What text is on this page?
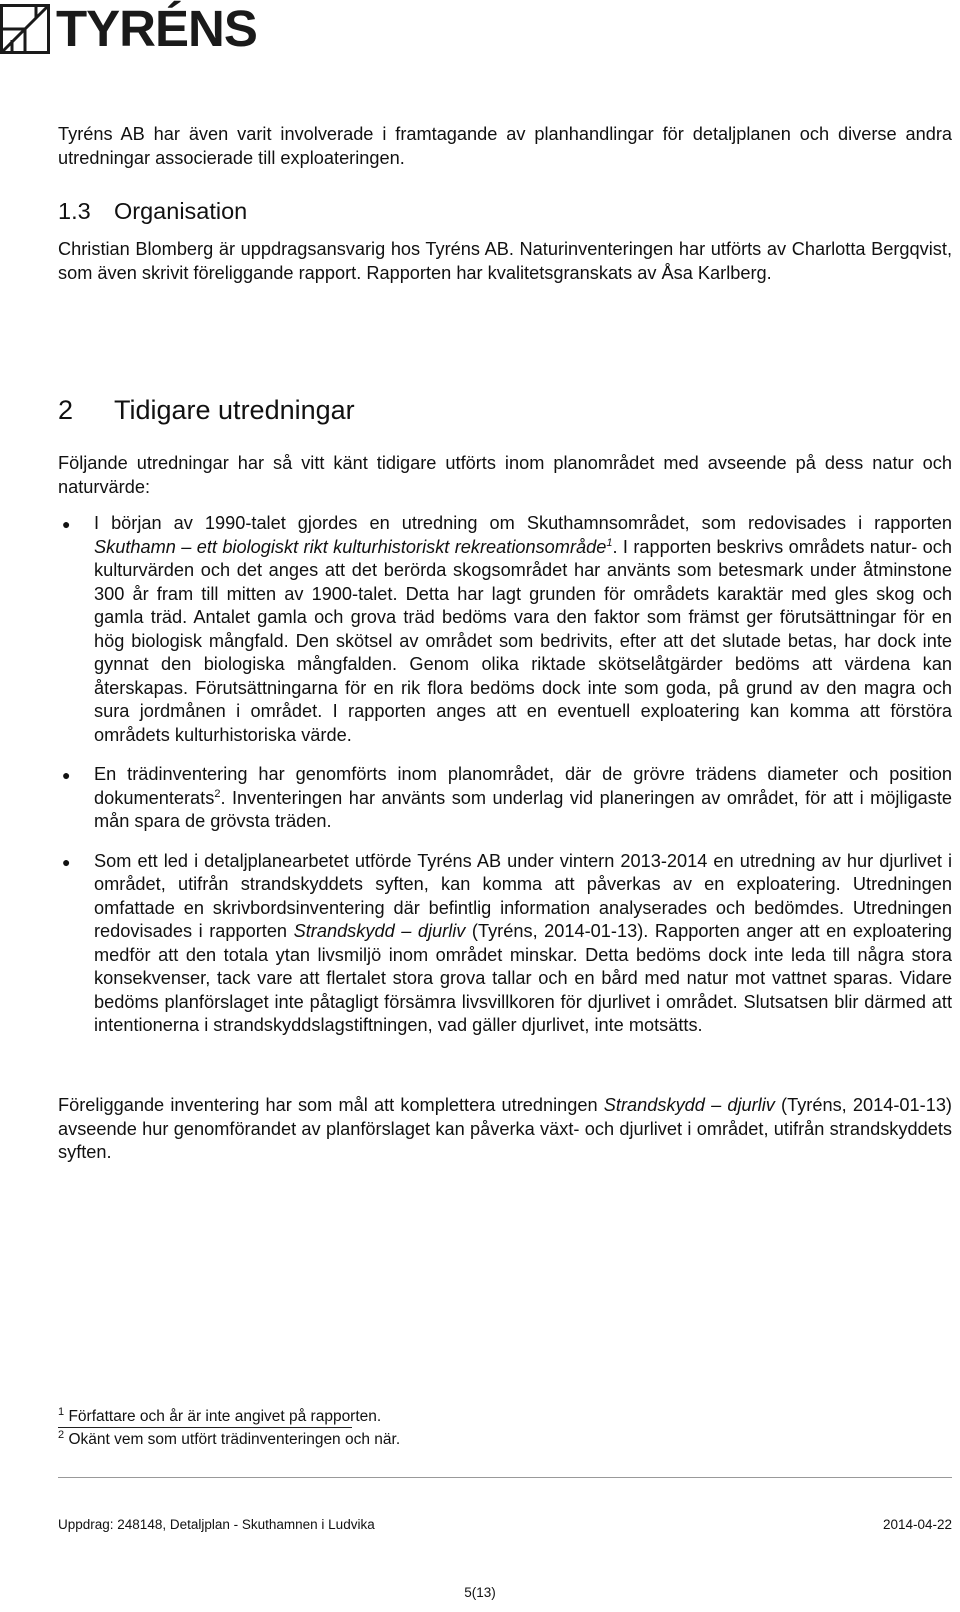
TYRÉNS

Tyréns AB har även varit involverade i framtagande av planhandlingar för detaljplanen och diverse andra utredningar associerade till exploateringen.

1.3 Organisation

Christian Blomberg är uppdragsansvarig hos Tyréns AB. Naturinventeringen har utförts av Charlotta Bergqvist, som även skrivit föreliggande rapport. Rapporten har kvalitetsgranskats av Åsa Karlberg.

2 Tidigare utredningar

Följande utredningar har så vitt känt tidigare utförts inom planområdet med avseende på dess natur och naturvärde:

● I början av 1990-talet gjordes en utredning om Skuthamnsområdet, som redovisades i rapporten Skuthamn – ett biologiskt rikt kulturhistoriskt rekreationsområde$^1$. I rapporten beskrivs områdets natur- och kulturvärden och det anges att det berörda skogsområdet har använts som betesmark under åtminstone 300 år fram till mitten av 1900-talet. Detta har lagt grunden för områdets karaktär med gles skog och gamla träd. Antalet gamla och grova träd bedöms vara den faktor som främst ger förutsättningar för en hög biologisk mångfald. Den skötsel av området som bedrivits, efter att det slutade betas, har dock inte gynnat den biologiska mångfalden. Genom olika riktade skötselåtgärder bedöms att värdena kan återskapas. Förutsättningarna för en rik flora bedöms dock inte som goda, på grund av den magra och sura jordmånen i området. I rapporten anges att en eventuell exploatering kan komma att förstöra områdets kulturhistoriska värde.
● En trädinventering har genomförts inom planområdet, där de grövre trädens diameter och position dokumenterats$^2$. Inventeringen har använts som underlag vid planeringen av området, för att i möjligaste mån spara de grövsta träden.
● Som ett led i detaljplanearbetet utförde Tyréns AB under vintern 2013-2014 en utredning av hur djurlivet i området, utifrån strandskyddets syften, kan komma att påverkas av en exploatering. Utredningen omfattade en skrivbordsinventering där befintlig information analyserades och bedömdes. Utredningen redovisades i rapporten Strandskydd – djurliv (Tyréns, 2014-01-13). Rapporten anger att en exploatering medför att den totala ytan livsmiljö inom området minskar. Detta bedöms dock inte leda till några stora konsekvenser, tack vare att flertalet stora grova tallar och en bård med natur mot vattnet sparas. Vidare bedöms planförslaget inte påtagligt försämra livsvillkoren för djurlivet i området. Slutsatsen blir därmed att intentionerna i strandskyddslagstiftningen, vad gäller djurlivet, inte motsätts.

Föreliggande inventering har som mål att komplettera utredningen Strandskydd – djurliv (Tyréns, 2014-01-13) avseende hur genomförandet av planförslaget kan påverka växt- och djurlivet i området, utifrån strandskyddets syften.

$^1$ Författare och år är inte angivet på rapporten.
$^2$ Okänt vem som utfört trädinventeringen och när.
Uppdrag: 248148, Detaljplan - Skuthamnen i Ludvika	2014-04-22
5(13)
